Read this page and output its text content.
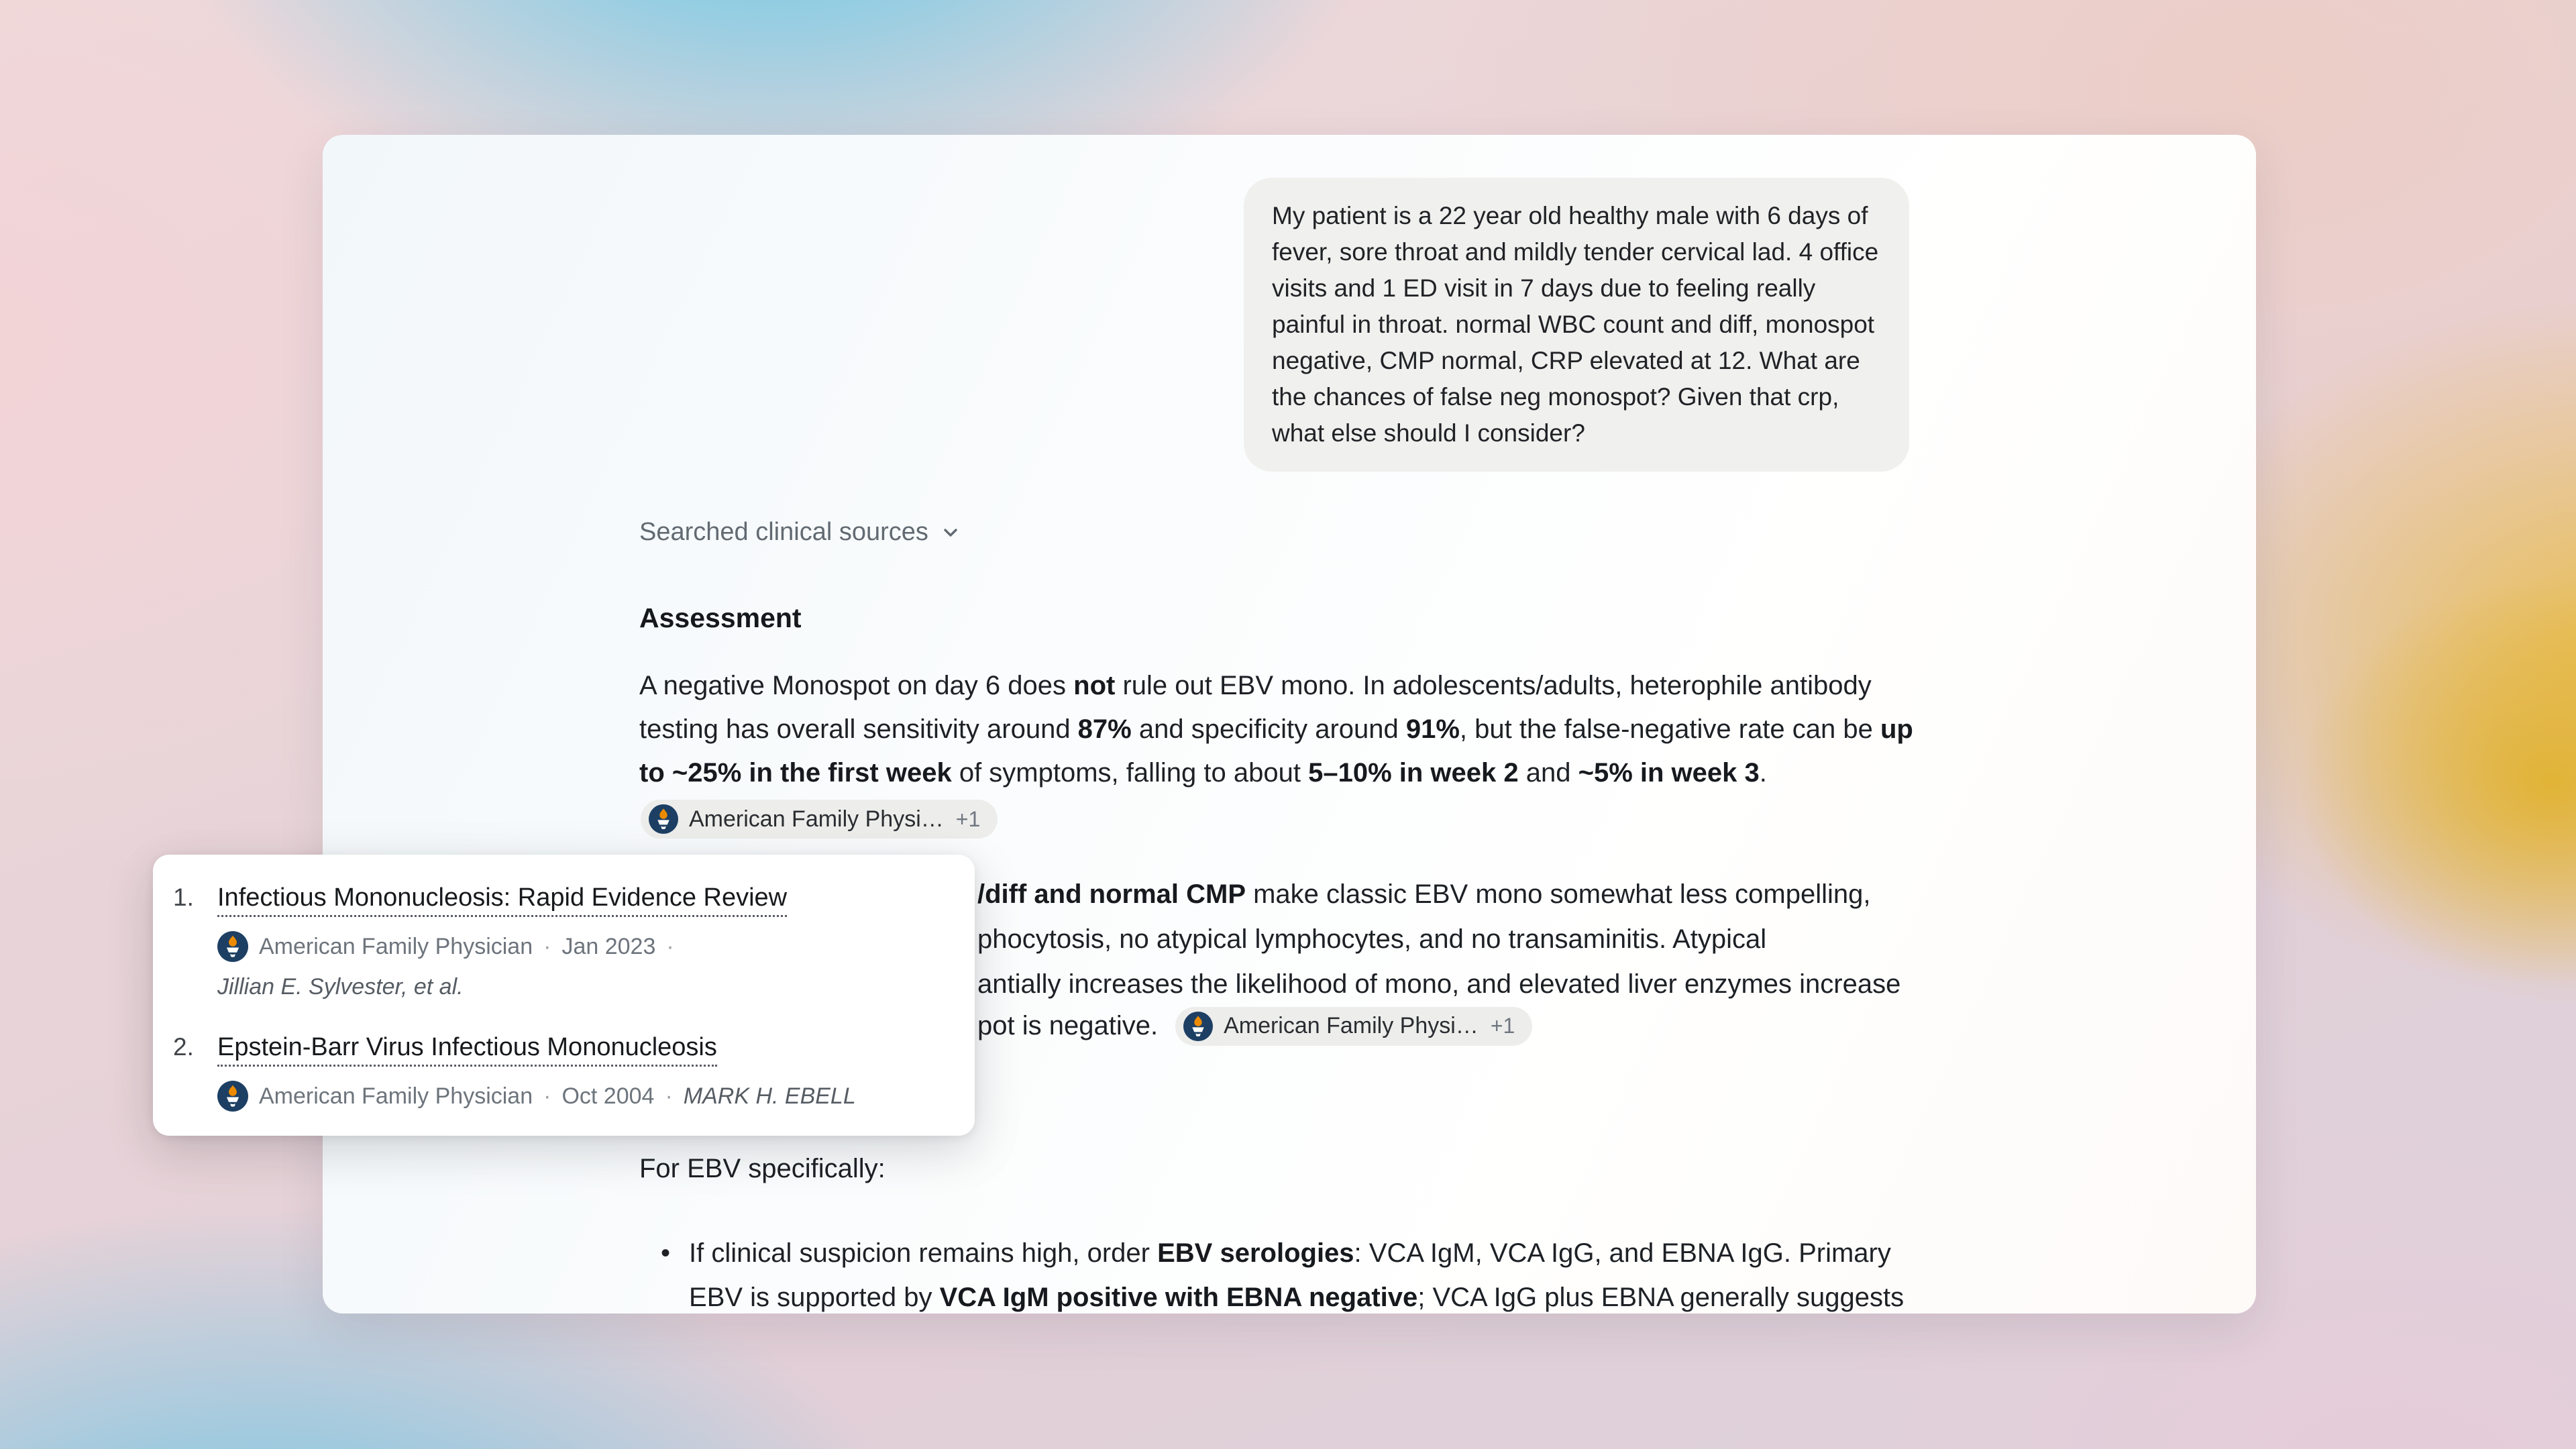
My patient is a 22 year old healthy male with 6 days of fever, sore throat and mildly tender cervical lad. 4 office visits and 1 ED visit in 7 days due to feeling really painful in throat. normal WBC count and diff, monospot negative, CMP normal, CRP elevated at 12. What are the chances of false neg monospot? Given that crp, what else should I consider?
Searched clinical sources
Assessment
A negative Monospot on day 6 does not rule out EBV mono. In adolescents/adults, heterophile antibody testing has overall sensitivity around 87% and specificity around 91%, but the false-negative rate can be up to ~25% in the first week of symptoms, falling to about 5–10% in week 2 and ~5% in week 3.
American Family Physi… +1
/diff and normal CMP make classic EBV mono somewhat less compelling,
phocytosis, no atypical lymphocytes, and no transaminitis. Atypical
antially increases the likelihood of mono, and elevated liver enzymes increase
pot is negative.	American Family Physi… +1
For EBV specifically:
• If clinical suspicion remains high, order EBV serologies: VCA IgM, VCA IgG, and EBNA IgG. Primary EBV is supported by VCA IgM positive with EBNA negative; VCA IgG plus EBNA generally suggests
1. Infectious Mononucleosis: Rapid Evidence Review
American Family Physician · Jan 2023 ·
Jillian E. Sylvester, et al.
2. Epstein-Barr Virus Infectious Mononucleosis
American Family Physician · Oct 2004 · MARK H. EBELL
